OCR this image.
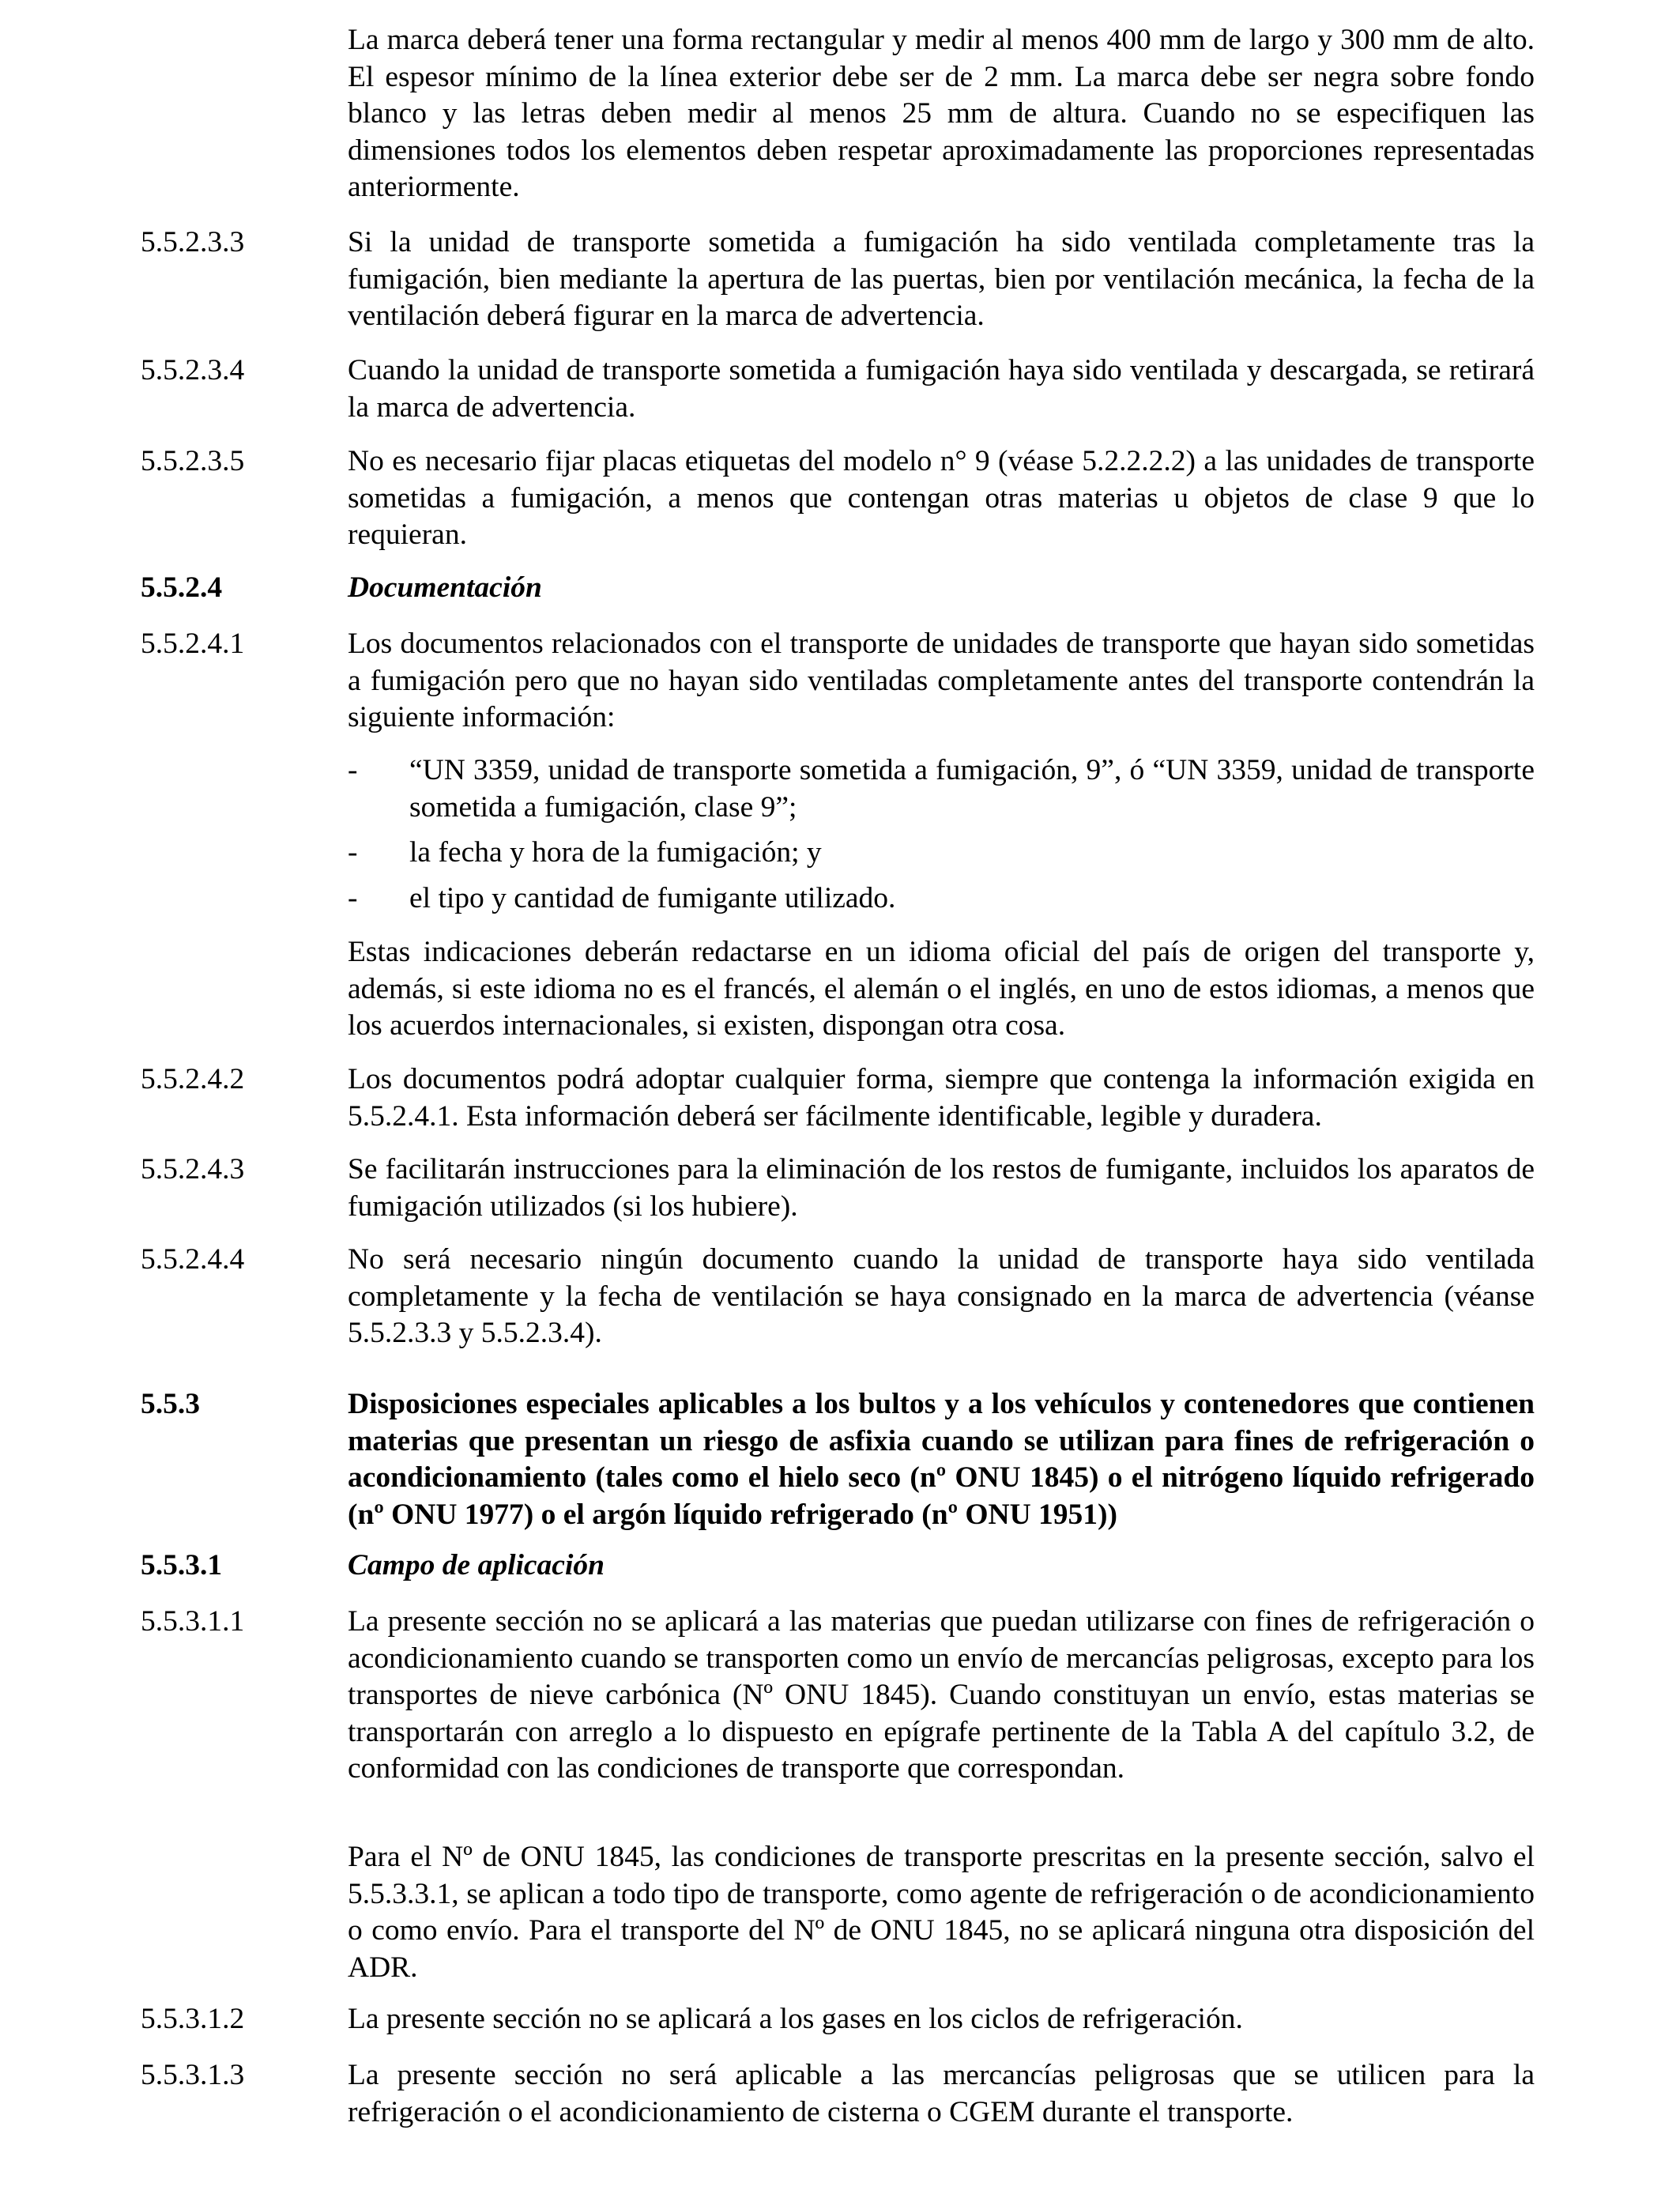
La marca deberá tener una forma rectangular y medir al menos 400 mm de largo y 300 mm de alto. El espesor mínimo de la línea exterior debe ser de 2 mm. La marca debe ser negra sobre fondo blanco y las letras deben medir al menos 25 mm de altura. Cuando no se especifiquen las dimensiones todos los elementos deben respetar aproximadamente las proporciones representadas anteriormente.

5.5.2.3.3	Si la unidad de transporte sometida a fumigación ha sido ventilada completamente tras la fumigación, bien mediante la apertura de las puertas, bien por ventilación mecánica, la fecha de la ventilación deberá figurar en la marca de advertencia.

5.5.2.3.4	Cuando la unidad de transporte sometida a fumigación haya sido ventilada y descargada, se retirará la marca de advertencia.

5.5.2.3.5	No es necesario fijar placas etiquetas del modelo n° 9 (véase 5.2.2.2.2) a las unidades de transporte sometidas a fumigación, a menos que contengan otras materias u objetos de clase 9 que lo requieran.

5.5.2.4	Documentación

5.5.2.4.1	Los documentos relacionados con el transporte de unidades de transporte que hayan sido sometidas a fumigación pero que no hayan sido ventiladas completamente antes del transporte contendrán la siguiente información:

- “UN 3359, unidad de transporte sometida a fumigación, 9”, ó “UN 3359, unidad de transporte sometida a fumigación, clase 9”;

- la fecha y hora de la fumigación; y

- el tipo y cantidad de fumigante utilizado.

Estas indicaciones deberán redactarse en un idioma oficial del país de origen del transporte y, además, si este idioma no es el francés, el alemán o el inglés, en uno de estos idiomas, a menos que los acuerdos internacionales, si existen, dispongan otra cosa.

5.5.2.4.2	Los documentos podrá adoptar cualquier forma, siempre que contenga la información exigida en 5.5.2.4.1. Esta información deberá ser fácilmente identificable, legible y duradera.

5.5.2.4.3	Se facilitarán instrucciones para la eliminación de los restos de fumigante, incluidos los aparatos de fumigación utilizados (si los hubiere).

5.5.2.4.4	No será necesario ningún documento cuando la unidad de transporte haya sido ventilada completamente y la fecha de ventilación se haya consignado en la marca de advertencia (véanse 5.5.2.3.3 y 5.5.2.3.4).

5.5.3	Disposiciones especiales aplicables a los bultos y a los vehículos y contenedores que contienen materias que presentan un riesgo de asfixia cuando se utilizan para fines de refrigeración o acondicionamiento (tales como el hielo seco (nº ONU 1845) o el nitrógeno líquido refrigerado (nº ONU 1977) o el argón líquido refrigerado (nº ONU 1951))

5.5.3.1	Campo de aplicación

5.5.3.1.1	La presente sección no se aplicará a las materias que puedan utilizarse con fines de refrigeración o acondicionamiento cuando se transporten como un envío de mercancías peligrosas, excepto para los transportes de nieve carbónica (Nº ONU 1845). Cuando constituyan un envío, estas materias se transportarán con arreglo a lo dispuesto en epígrafe pertinente de la Tabla A del capítulo 3.2, de conformidad con las condiciones de transporte que correspondan.

Para el Nº de ONU 1845, las condiciones de transporte prescritas en la presente sección, salvo el 5.5.3.3.1, se aplican a todo tipo de transporte, como agente de refrigeración o de acondicionamiento o como envío. Para el transporte del Nº de ONU 1845, no se aplicará ninguna otra disposición del ADR.

5.5.3.1.2	La presente sección no se aplicará a los gases en los ciclos de refrigeración.

5.5.3.1.3	La presente sección no será aplicable a las mercancías peligrosas que se utilicen para la refrigeración o el acondicionamiento de cisterna o CGEM durante el transporte.
